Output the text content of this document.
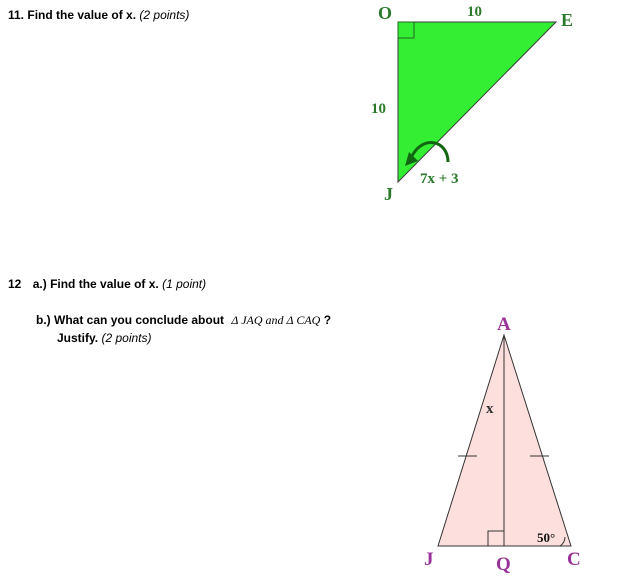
11. Find the value of x. (2 points)
12 a.) Find the value of x. (1 point)
b.) What can you conclude about Δ JAQ and Δ CAQ ?
Justify. (2 points)
O	E
J
10
10
7x + 3
A
J	Q	C
x
50°
